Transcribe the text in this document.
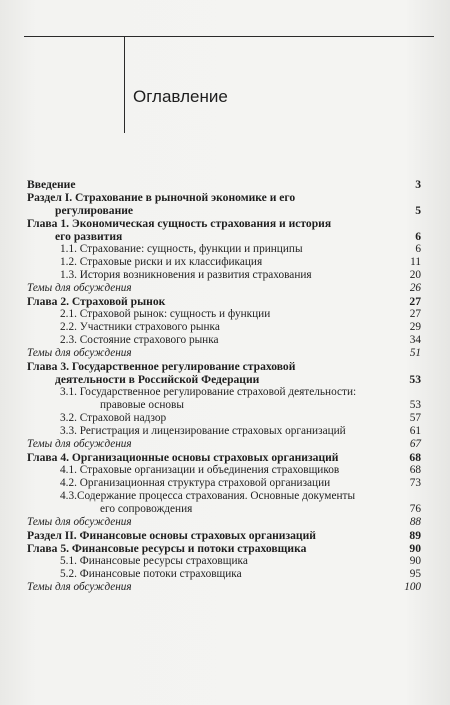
Оглавление
Введение	3
Раздел I. Страхование в рыночной экономике и его
регулирование	5
Глава 1. Экономическая сущность страхования и история
его развития	6
1.1. Страхование: сущность, функции и принципы	6
1.2. Страховые риски и их классификация	11
1.3. История возникновения и развития страхования	20
Темы для обсуждения	26
Глава 2. Страховой рынок	27
2.1. Страховой рынок: сущность и функции	27
2.2. Участники страхового рынка	29
2.3. Состояние страхового рынка	34
Темы для обсуждения	51
Глава 3. Государственное регулирование страховой
деятельности в Российской Федерации	53
3.1. Государственное регулирование страховой деятельности:
правовые основы	53
3.2. Страховой надзор	57
3.3. Регистрация и лицензирование страховых организаций	61
Темы для обсуждения	67
Глава 4. Организационные основы страховых организаций	68
4.1. Страховые организации и объединения страховщиков	68
4.2. Организационная структура страховой организации	73
4.3.Содержание процесса страхования. Основные документы
его сопровождения	76
Темы для обсуждения	88
Раздел II. Финансовые основы страховых организаций	89
Глава 5. Финансовые ресурсы и потоки страховщика	90
5.1. Финансовые ресурсы страховщика	90
5.2. Финансовые потоки страховщика	95
Темы для обсуждения	100
